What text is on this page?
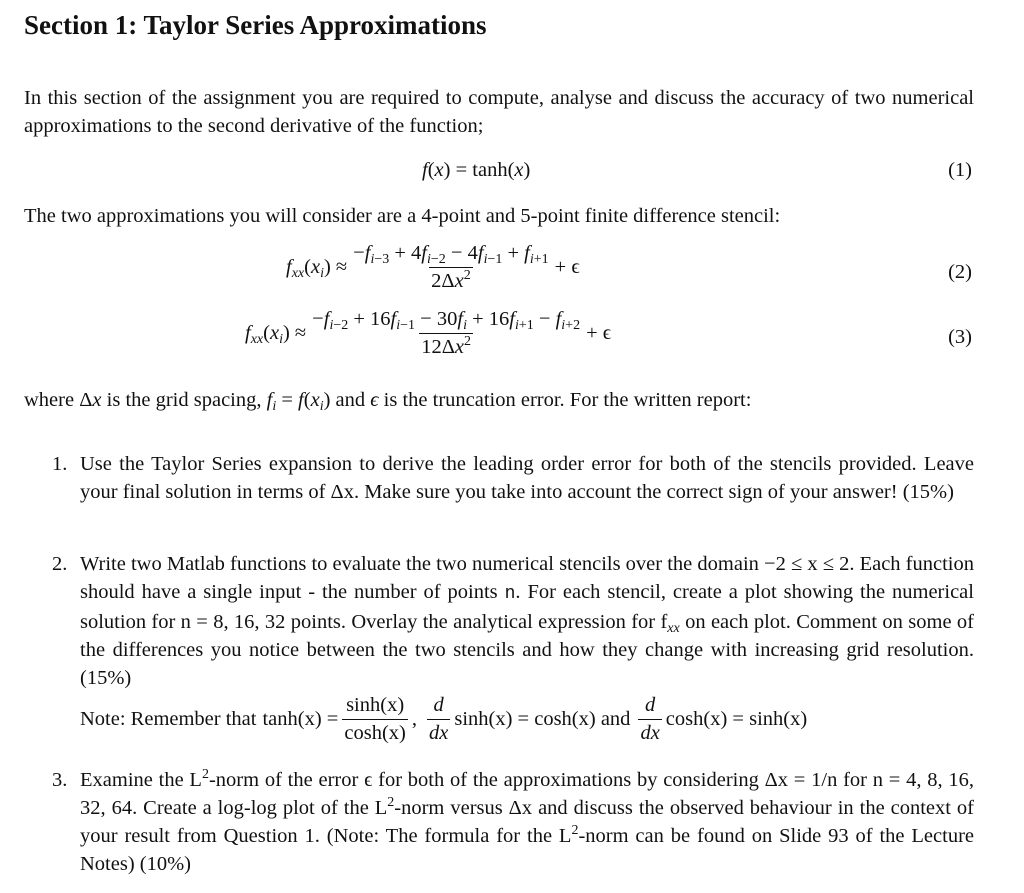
Section 1: Taylor Series Approximations
In this section of the assignment you are required to compute, analyse and discuss the accuracy of two numerical approximations to the second derivative of the function;
f(x) = tanh(x)	(1)
The two approximations you will consider are a 4-point and 5-point finite difference stencil:
$f_{xx}(x_i) \approx \frac{-f_{i-3} + 4f_{i-2} - 4f_{i-1} + f_{i+1}}{2\Delta x^2} + \epsilon$	(2)
$f_{xx}(x_i) \approx \frac{-f_{i-2} + 16f_{i-1} - 30f_i + 16f_{i+1} - f_{i+2}}{12\Delta x^2} + \epsilon$	(3)
where Δx is the grid spacing, $f_i = f(x_i)$ and ϵ is the truncation error. For the written report:
1. Use the Taylor Series expansion to derive the leading order error for both of the stencils provided. Leave your final solution in terms of Δx. Make sure you take into account the correct sign of your answer! (15%)
2. Write two Matlab functions to evaluate the two numerical stencils over the domain −2 ≤ x ≤ 2. Each function should have a single input - the number of points n. For each stencil, create a plot showing the numerical solution for n = 8, 16, 32 points. Overlay the analytical expression for $f_{xx}$ on each plot. Comment on some of the differences you notice between the two stencils and how they change with increasing grid resolution. (15%)
Note: Remember that $\tanh(x) = \frac{\sinh(x)}{\cosh(x)}$ , $\frac{d}{dx} \sinh(x) = \cosh(x)$ and $\frac{d}{dx} \cosh(x) = \sinh(x)$
3. Examine the $L^2$-norm of the error ϵ for both of the approximations by considering Δx = 1/n for n = 4, 8, 16, 32, 64. Create a log-log plot of the $L^2$-norm versus Δx and discuss the observed behaviour in the context of your result from Question 1. (Note: The formula for the $L^2$-norm can be found on Slide 93 of the Lecture Notes) (10%)
